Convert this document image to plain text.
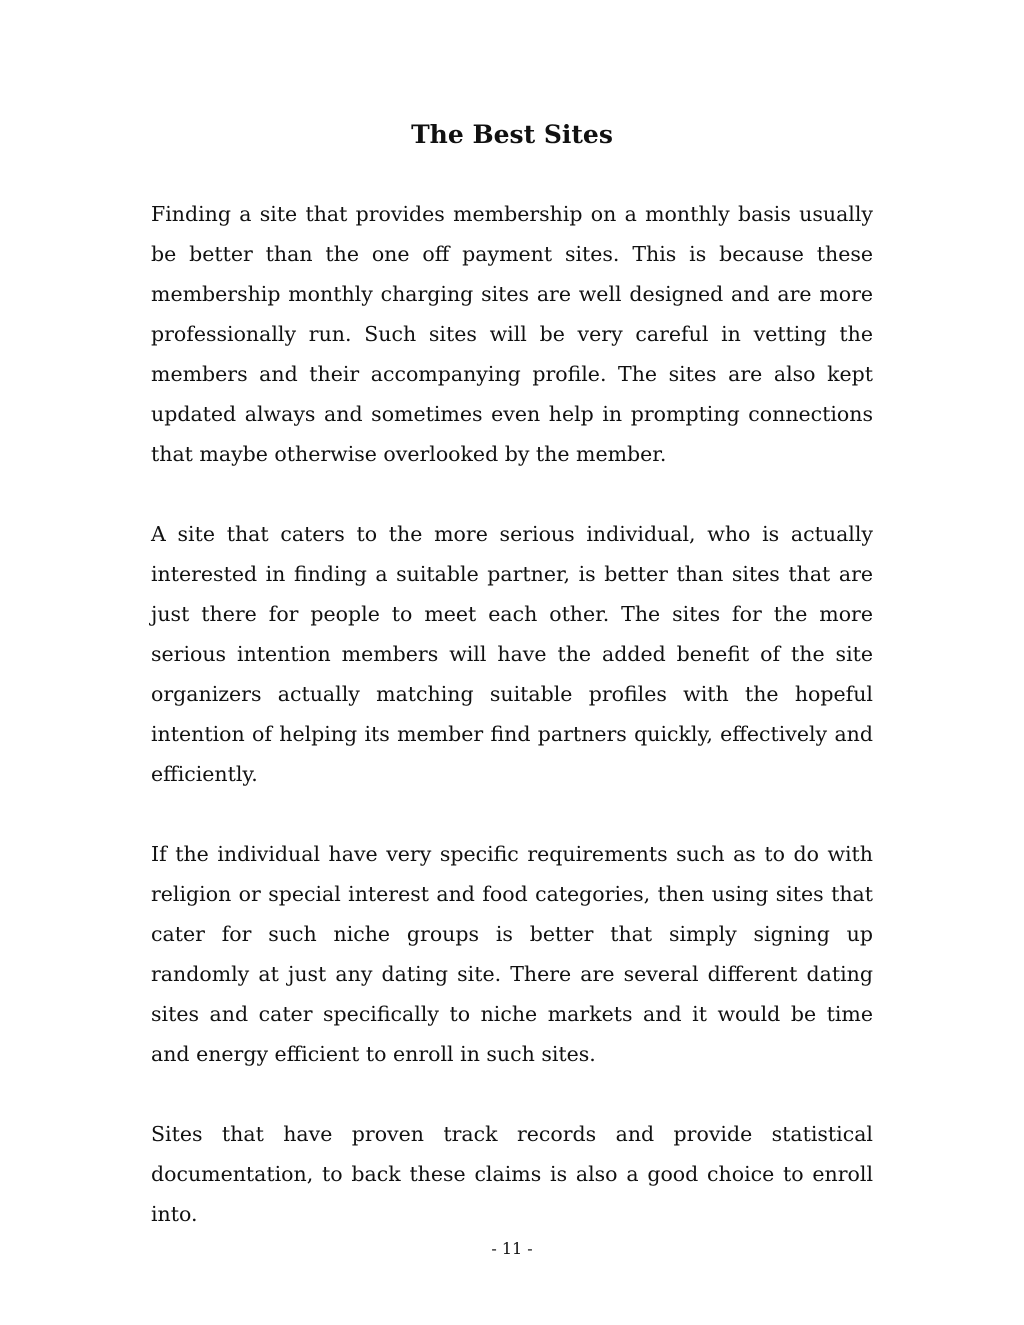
The Best Sites

Finding a site that provides membership on a monthly basis usually be better than the one off payment sites. This is because these membership monthly charging sites are well designed and are more professionally run. Such sites will be very careful in vetting the members and their accompanying profile. The sites are also kept updated always and sometimes even help in prompting connections that maybe otherwise overlooked by the member.

A site that caters to the more serious individual, who is actually interested in finding a suitable partner, is better than sites that are just there for people to meet each other. The sites for the more serious intention members will have the added benefit of the site organizers actually matching suitable profiles with the hopeful intention of helping its member find partners quickly, effectively and efficiently.

If the individual have very specific requirements such as to do with religion or special interest and food categories, then using sites that cater for such niche groups is better that simply signing up randomly at just any dating site. There are several different dating sites and cater specifically to niche markets and it would be time and energy efficient to enroll in such sites.

Sites that have proven track records and provide statistical documentation, to back these claims is also a good choice to enroll into.

- 11 -
